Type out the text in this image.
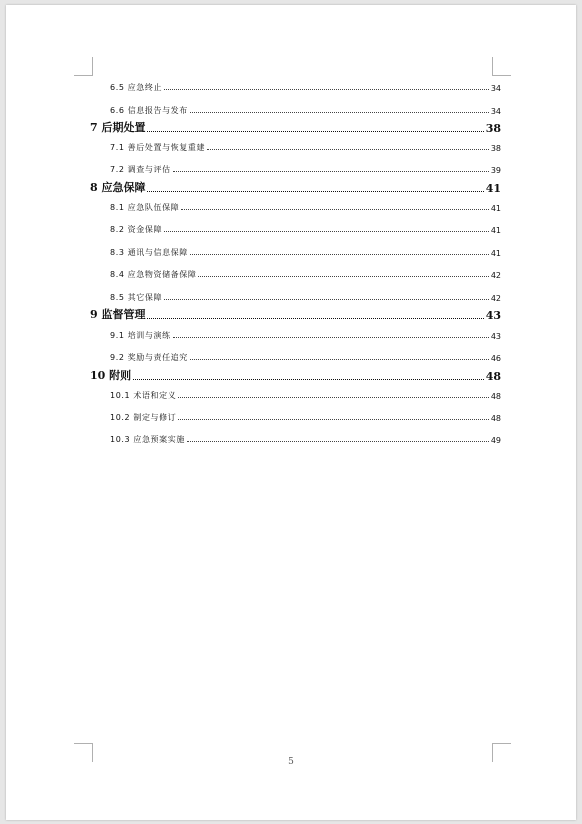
6.5 应急终止	34
6.6 信息报告与发布	34
7 后期处置	38
7.1 善后处置与恢复重建	38
7.2 调查与评估	39
8 应急保障	41
8.1 应急队伍保障	41
8.2 资金保障	41
8.3 通讯与信息保障	41
8.4 应急物资储备保障	42
8.5 其它保障	42
9 监督管理	43
9.1 培训与演练	43
9.2 奖励与责任追究	46
10 附则	48
10.1 术语和定义	48
10.2 制定与修订	48
10.3 应急预案实施	49
5
